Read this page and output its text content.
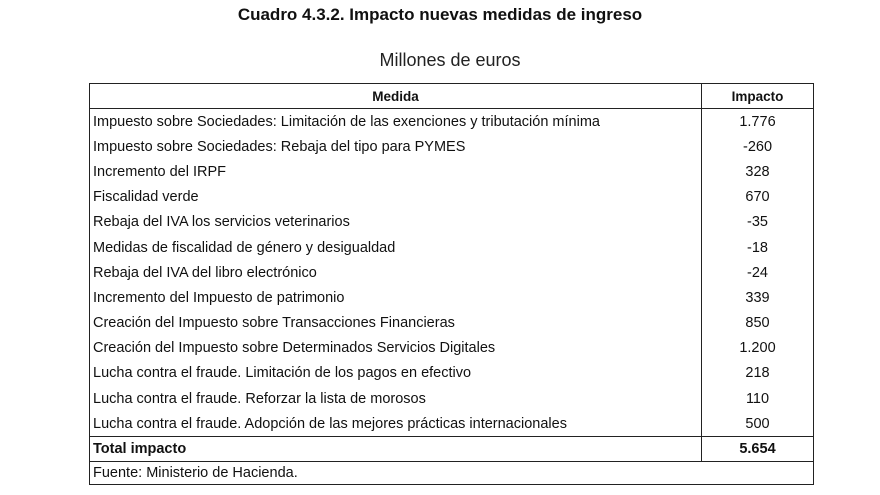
Cuadro 4.3.2. Impacto nuevas medidas de ingreso
Millones de euros
Medida	Impacto
Impuesto sobre Sociedades: Limitación de las exenciones y tributación mínima	1.776
Impuesto sobre Sociedades: Rebaja del tipo para PYMES	-260
Incremento del IRPF	328
Fiscalidad verde	670
Rebaja del IVA los servicios veterinarios	-35
Medidas de fiscalidad de género y desigualdad	-18
Rebaja del IVA del libro electrónico	-24
Incremento del Impuesto de patrimonio	339
Creación del Impuesto sobre Transacciones Financieras	850
Creación del Impuesto sobre Determinados Servicios Digitales	1.200
Lucha contra el fraude. Limitación de los pagos en efectivo	218
Lucha contra el fraude. Reforzar la lista de morosos	110
Lucha contra el fraude. Adopción de las mejores prácticas internacionales	500
Total impacto	5.654
Fuente: Ministerio de Hacienda.	
